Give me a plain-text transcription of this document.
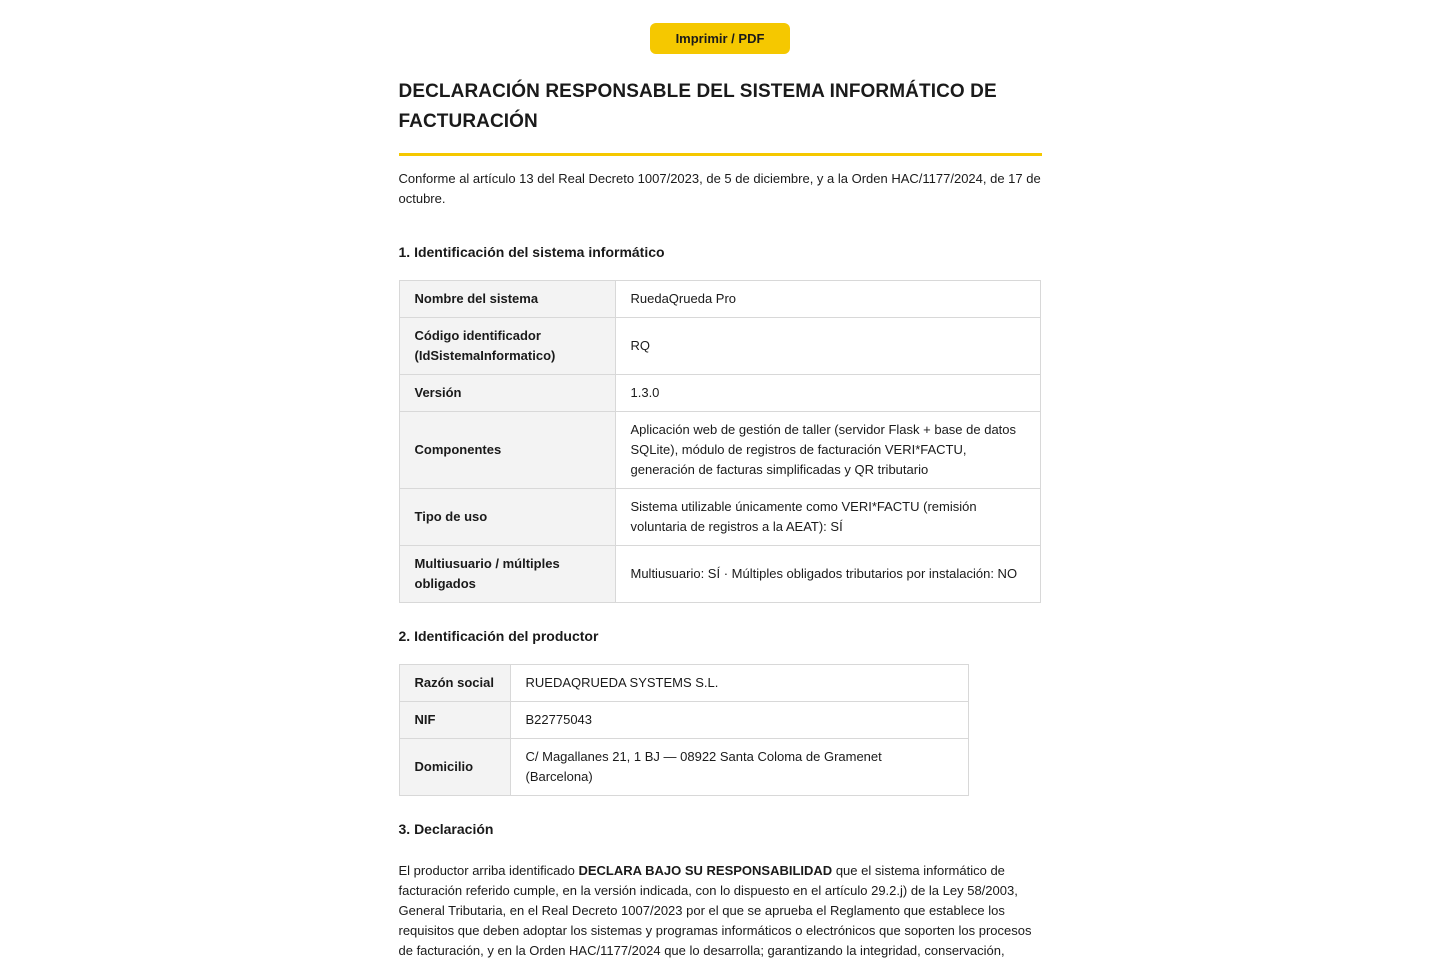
Imprimir / PDF
DECLARACIÓN RESPONSABLE DEL SISTEMA INFORMÁTICO DE FACTURACIÓN

Conforme al artículo 13 del Real Decreto 1007/2023, de 5 de diciembre, y a la Orden HAC/1177/2024, de 17 de octubre.

1. Identificación del sistema informático
Nombre del sistema	RuedaQrueda Pro
Código identificador (IdSistemaInformatico)	RQ
Versión	1.3.0
Componentes	Aplicación web de gestión de taller (servidor Flask + base de datos SQLite), módulo de registros de facturación VERI*FACTU, generación de facturas simplificadas y QR tributario
Tipo de uso	Sistema utilizable únicamente como VERI*FACTU (remisión voluntaria de registros a la AEAT): SÍ
Multiusuario / múltiples obligados	Multiusuario: SÍ · Múltiples obligados tributarios por instalación: NO
2. Identificación del productor
Razón social	RUEDAQRUEDA SYSTEMS S.L.
NIF	B22775043
Domicilio	C/ Magallanes 21, 1 BJ — 08922 Santa Coloma de Gramenet (Barcelona)
3. Declaración

El productor arriba identificado DECLARA BAJO SU RESPONSABILIDAD que el sistema informático de facturación referido cumple, en la versión indicada, con lo dispuesto en el artículo 29.2.j) de la Ley 58/2003, General Tributaria, en el Real Decreto 1007/2023 por el que se aprueba el Reglamento que establece los requisitos que deben adoptar los sistemas y programas informáticos o electrónicos que soporten los procesos de facturación, y en la Orden HAC/1177/2024 que lo desarrolla; garantizando la integridad, conservación,
